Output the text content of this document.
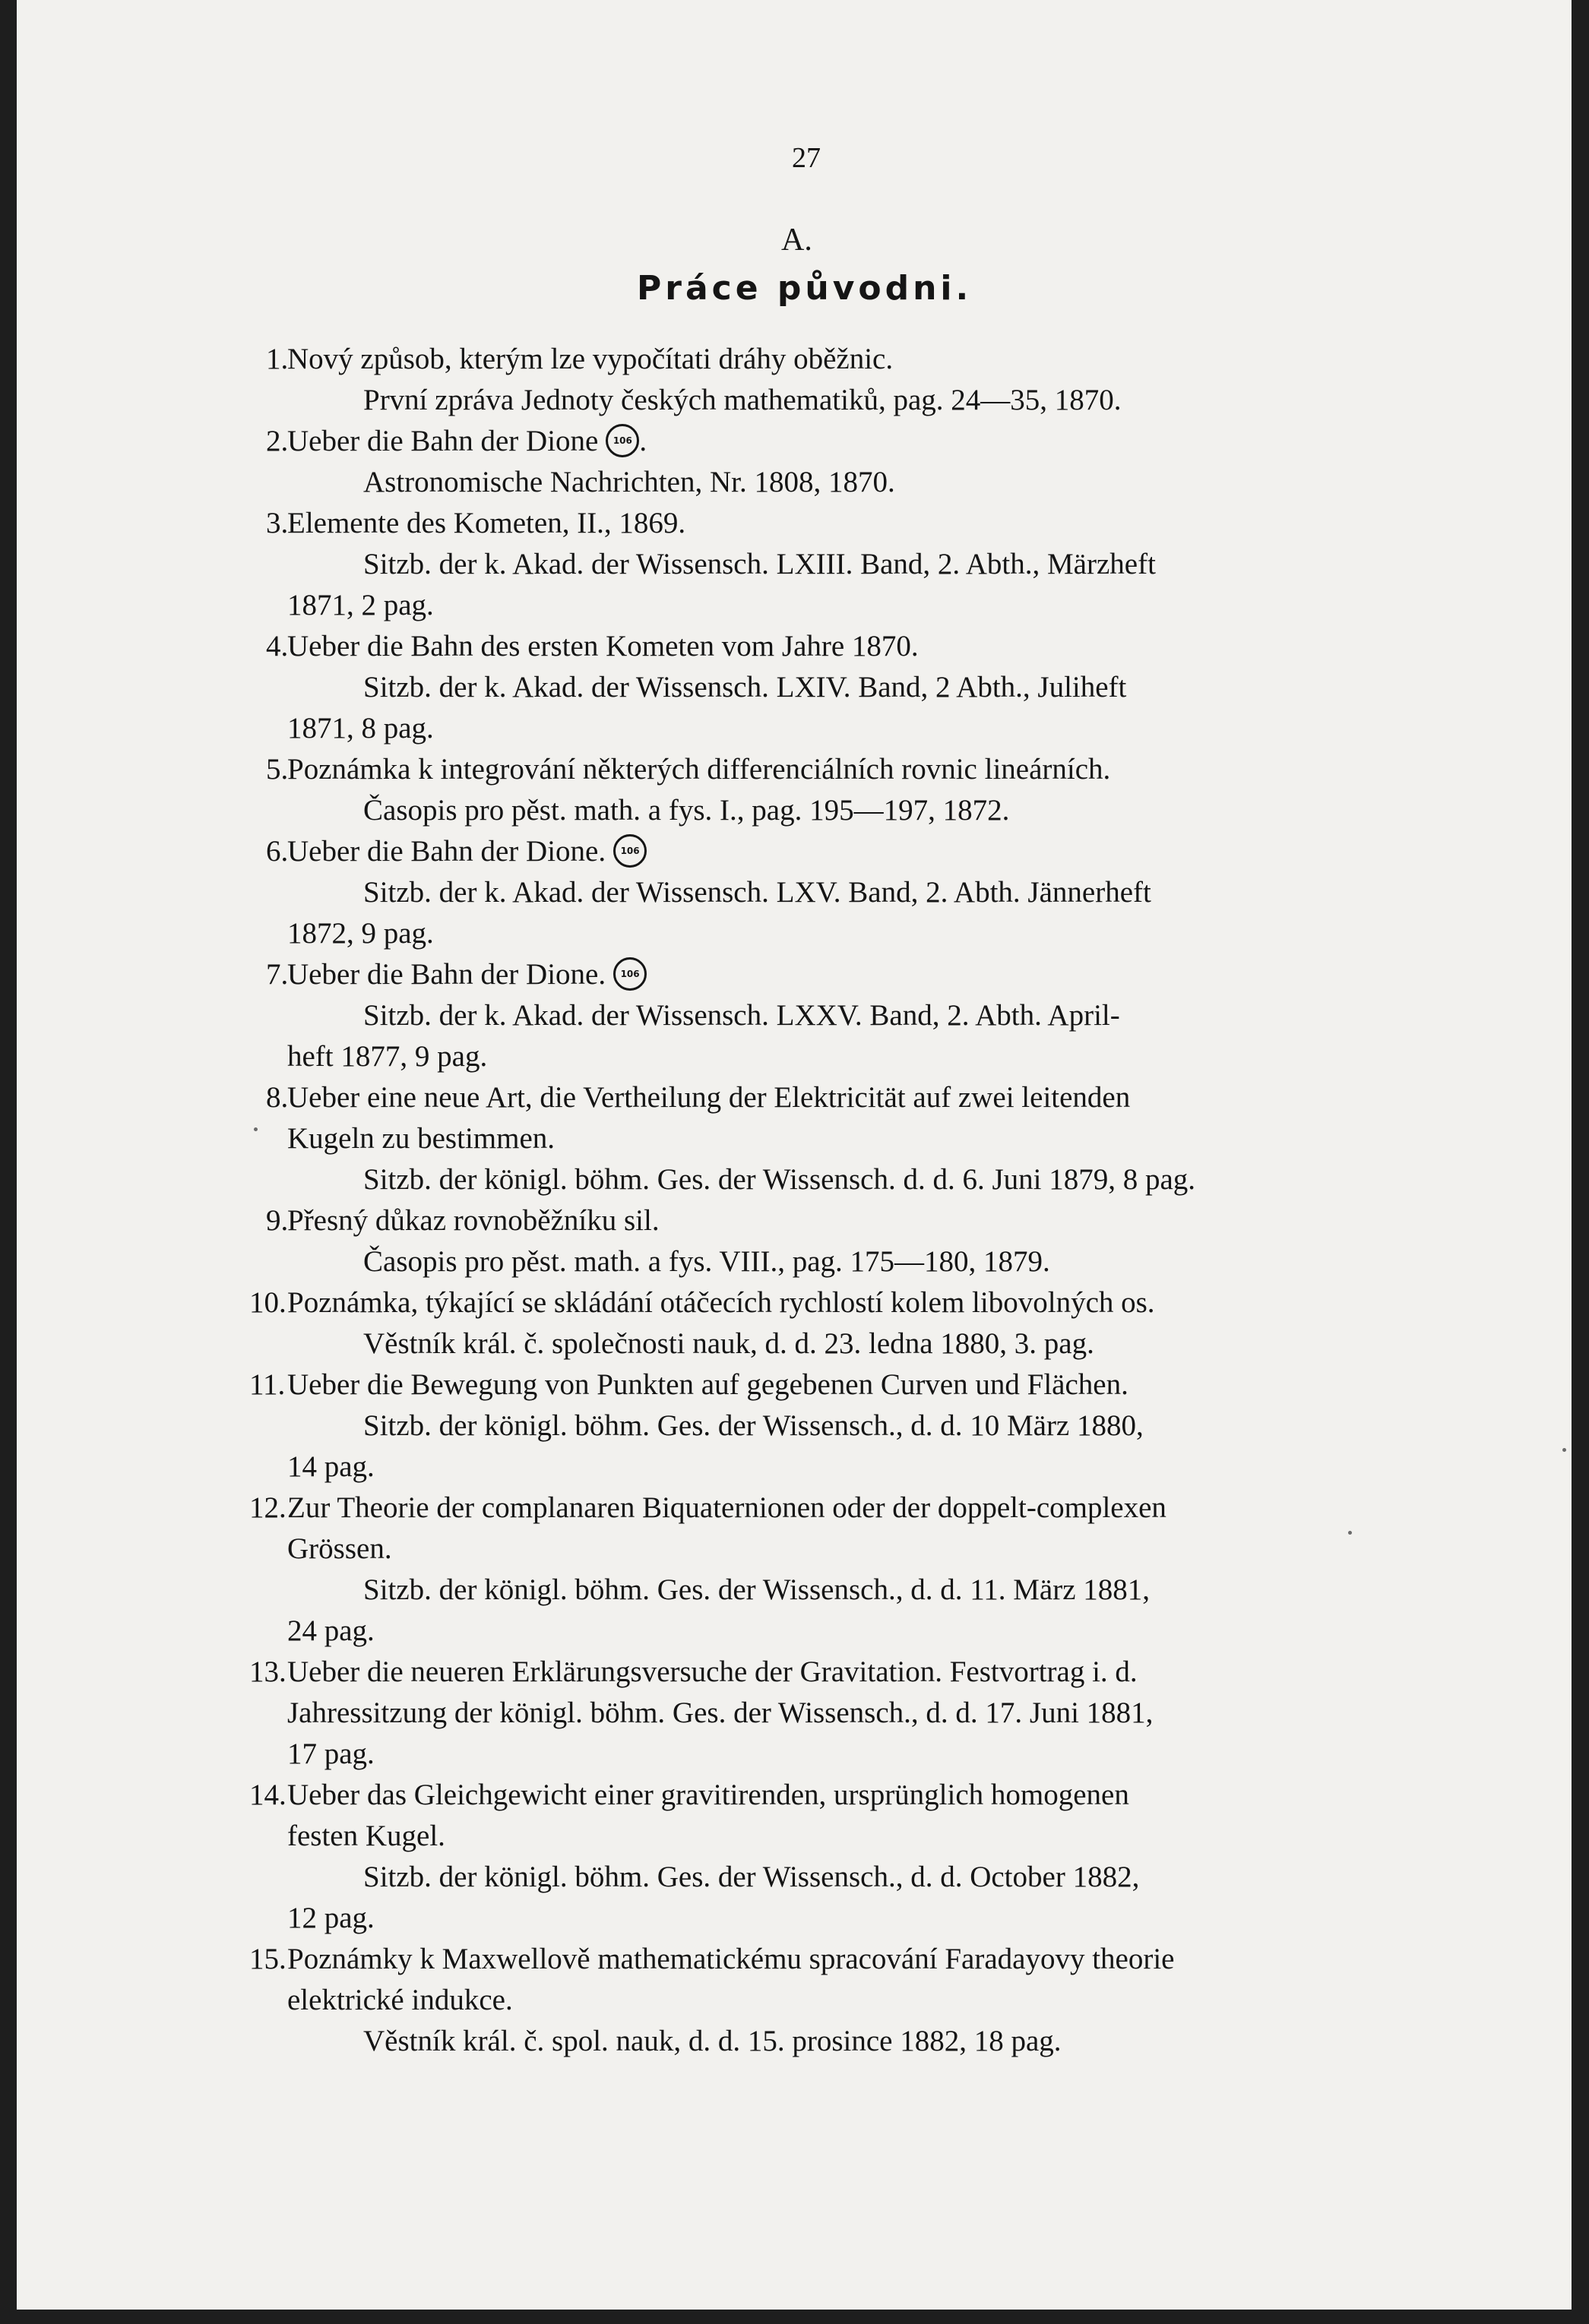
27
A.
Práce původni.
1.
Nový způsob, kterým lze vypočítati dráhy oběžnic.
První zpráva Jednoty českých mathematiků, pag. 24—35, 1870.
2.
Ueber die Bahn der Dione 106 .
Astronomische Nachrichten, Nr. 1808, 1870.
3.
Elemente des Kometen, II., 1869.
Sitzb. der k. Akad. der Wissensch. LXIII. Band, 2. Abth., Märzheft
1871, 2 pag.
4.
Ueber die Bahn des ersten Kometen vom Jahre 1870.
Sitzb. der k. Akad. der Wissensch. LXIV. Band, 2 Abth., Juliheft
1871, 8 pag.
5.
Poznámka k integrování některých differenciálních rovnic lineárních.
Časopis pro pěst. math. a fys. I., pag. 195—197, 1872.
6.
Ueber die Bahn der Dione. 106
Sitzb. der k. Akad. der Wissensch. LXV. Band, 2. Abth. Jännerheft
1872, 9 pag.
7.
Ueber die Bahn der Dione. 106
Sitzb. der k. Akad. der Wissensch. LXXV. Band, 2. Abth. April-
heft 1877, 9 pag.
8.
Ueber eine neue Art, die Vertheilung der Elektricität auf zwei leitenden
Kugeln zu bestimmen.
Sitzb. der königl. böhm. Ges. der Wissensch. d. d. 6. Juni 1879, 8 pag.
9.
Přesný důkaz rovnoběžníku sil.
Časopis pro pěst. math. a fys. VIII., pag. 175—180, 1879.
10. Poznámka, týkající se skládání otáčecích rychlostí kolem libovolných os.
Věstník král. č. společnosti nauk, d. d. 23. ledna 1880, 3. pag.
11. Ueber die Bewegung von Punkten auf gegebenen Curven und Flächen.
Sitzb. der königl. böhm. Ges. der Wissensch., d. d. 10 März 1880,
14 pag.
12. Zur Theorie der complanaren Biquaternionen oder der doppelt-complexen
Grössen.
Sitzb. der königl. böhm. Ges. der Wissensch., d. d. 11. März 1881,
24 pag.
13. Ueber die neueren Erklärungsversuche der Gravitation. Festvortrag i. d.
Jahressitzung der königl. böhm. Ges. der Wissensch., d. d. 17. Juni 1881,
17 pag.
14. Ueber das Gleichgewicht einer gravitirenden, ursprünglich homogenen
festen Kugel.
Sitzb. der königl. böhm. Ges. der Wissensch., d. d. October 1882,
12 pag.
15. Poznámky k Maxwellově mathematickému spracování Faradayovy theorie
elektrické indukce.
Věstník král. č. spol. nauk, d. d. 15. prosince 1882, 18 pag.
